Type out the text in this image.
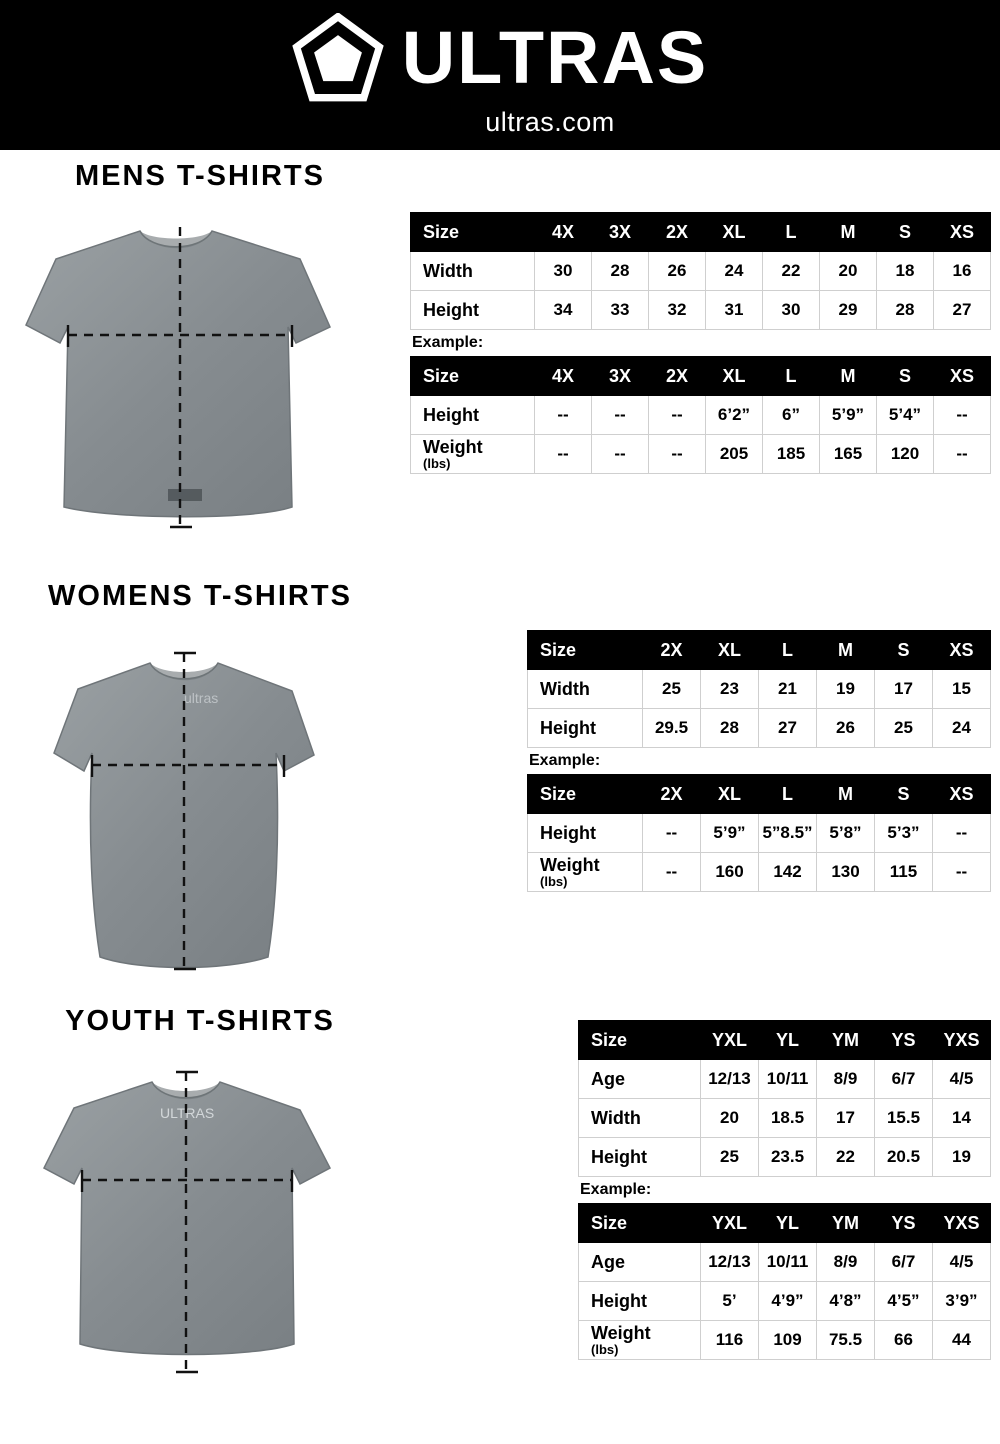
ULTRAS
ultras.com
MENS T-SHIRTS
Size	4X	3X	2X	XL	L	M	S	XS
Width	30	28	26	24	22	20	18	16
Height	34	33	32	31	30	29	28	27
Example:
Size	4X	3X	2X	XL	L	M	S	XS
Height	--	--	--	6’2”	6”	5’9”	5’4”	--
Weight
(lbs)	--	--	--	205	185	165	120	--
WOMENS T-SHIRTS
ultras
Size	2X	XL	L	M	S	XS
Width	25	23	21	19	17	15
Height	29.5	28	27	26	25	24
Example:
Size	2X	XL	L	M	S	XS
Height	--	5’9”	5”8.5”	5’8”	5’3”	--
Weight
(lbs)	--	160	142	130	115	--
YOUTH T-SHIRTS
ULTRAS
Size	YXL	YL	YM	YS	YXS
Age	12/13	10/11	8/9	6/7	4/5
Width	20	18.5	17	15.5	14
Height	25	23.5	22	20.5	19
Example:
Size	YXL	YL	YM	YS	YXS
Age	12/13	10/11	8/9	6/7	4/5
Height	5’	4’9”	4’8”	4’5”	3’9”
Weight
(lbs)	116	109	75.5	66	44
